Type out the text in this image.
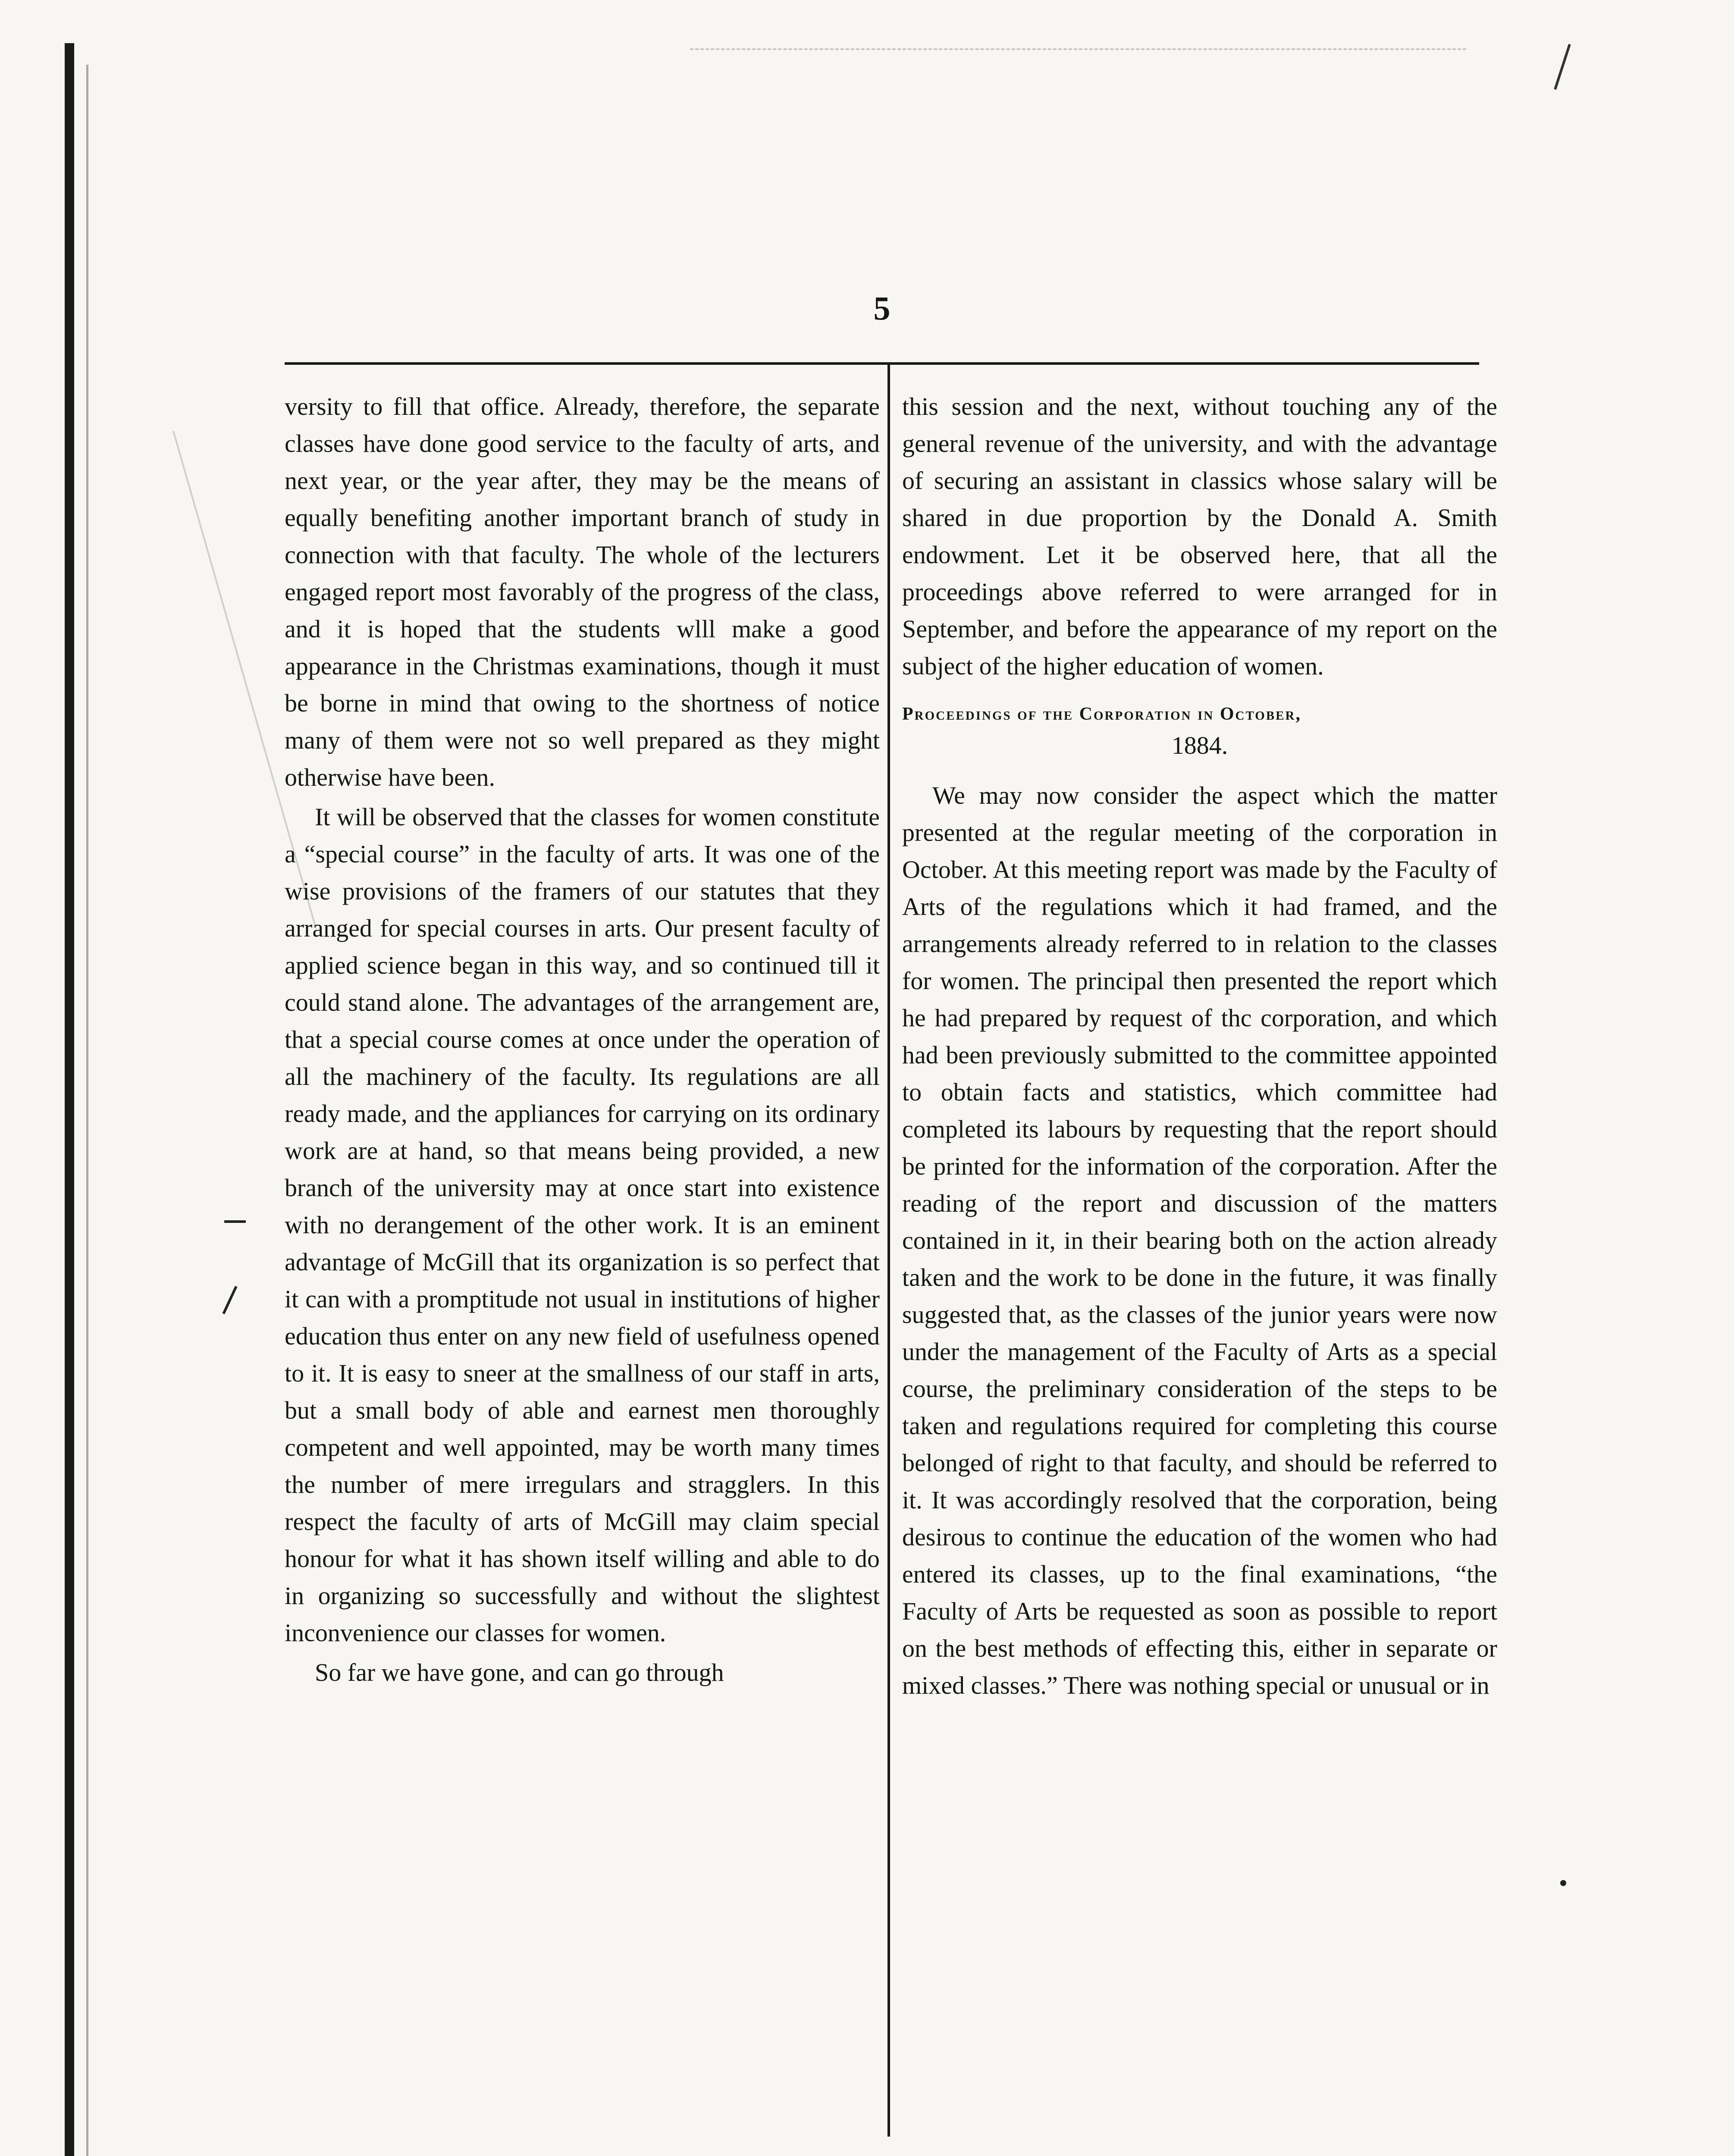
5

versity to fill that office. Already, therefore, the separate classes have done good service to the faculty of arts, and next year, or the year after, they may be the means of equally benefiting another important branch of study in connection with that faculty. The whole of the lecturers engaged report most favorably of the progress of the class, and it is hoped that the students wlll make a good appearance in the Christmas examinations, though it must be borne in mind that owing to the shortness of notice many of them were not so well prepared as they might otherwise have been.

It will be observed that the classes for women constitute a “special course” in the faculty of arts. It was one of the wise provisions of the framers of our statutes that they arranged for special courses in arts. Our present faculty of applied science began in this way, and so continued till it could stand alone. The advantages of the arrangement are, that a special course comes at once under the operation of all the machinery of the faculty. Its regulations are all ready made, and the appliances for carrying on its ordinary work are at hand, so that means being provided, a new branch of the university may at once start into existence with no derangement of the other work. It is an eminent advantage of McGill that its organization is so perfect that it can with a promptitude not usual in institutions of higher education thus enter on any new field of usefulness opened to it. It is easy to sneer at the smallness of our staff in arts, but a small body of able and earnest men thoroughly competent and well appointed, may be worth many times the number of mere irregulars and stragglers. In this respect the faculty of arts of McGill may claim special honour for what it has shown itself willing and able to do in organizing so successfully and without the slightest inconvenience our classes for women.

So far we have gone, and can go through

this session and the next, without touching any of the general revenue of the university, and with the advantage of securing an assistant in classics whose salary will be shared in due proportion by the Donald A. Smith endowment. Let it be observed here, that all the proceedings above referred to were arranged for in September, and before the appearance of my report on the subject of the higher education of women.

Proceedings of the Corporation in October,

1884.

We may now consider the aspect which the matter presented at the regular meeting of the corporation in October. At this meeting report was made by the Faculty of Arts of the regulations which it had framed, and the arrangements already referred to in relation to the classes for women. The principal then presented the report which he had prepared by request of thc corporation, and which had been previously submitted to the committee appointed to obtain facts and statistics, which committee had completed its labours by requesting that the report should be printed for the information of the corporation. After the reading of the report and discussion of the matters contained in it, in their bearing both on the action already taken and the work to be done in the future, it was finally suggested that, as the classes of the junior years were now under the management of the Faculty of Arts as a special course, the preliminary consideration of the steps to be taken and regulations required for completing this course belonged of right to that faculty, and should be referred to it. It was accordingly resolved that the corporation, being desirous to continue the education of the women who had entered its classes, up to the final examinations, “the Faculty of Arts be requested as soon as possible to report on the best methods of effecting this, either in separate or mixed classes.” There was nothing special or unusual or in
